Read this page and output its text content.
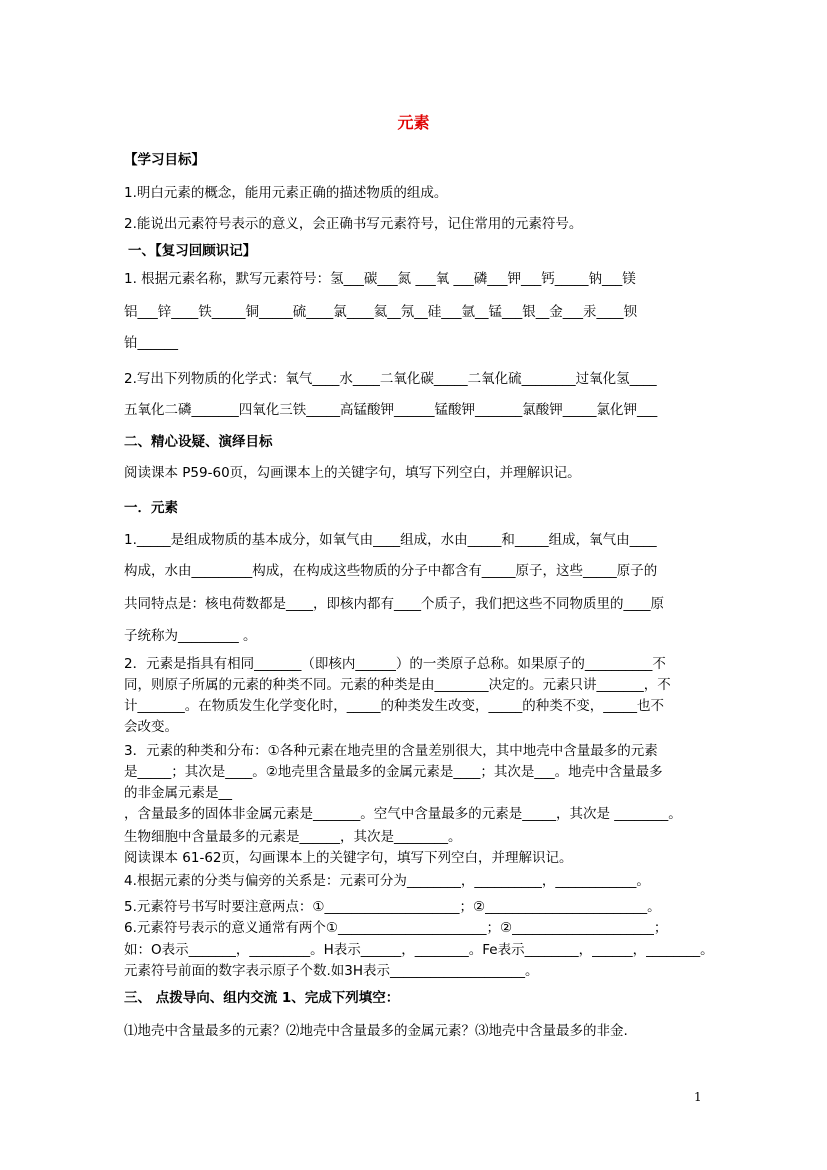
元素
【学习目标】
1.明白元素的概念，能用元素正确的描述物质的组成。
2.能说出元素符号表示的意义，会正确书写元素符号，记住常用的元素符号。
一、【复习回顾识记】
1. 根据元素名称，默写元素符号：氢___碳___氮 ___氧 ___磷___钾___钙_____钠___镁
铝___锌____铁_____铜_____硫____氯____氦__氖__硅___氩__锰___银__金___汞____钡
铂______
2.写出下列物质的化学式：氧气____水____二氧化碳_____二氧化硫________过氧化氢____
五氧化二磷_______四氧化三铁_____高锰酸钾______锰酸钾_______氯酸钾_____氯化钾___
二、精心设疑、演绎目标
阅读课本 P59-60页，勾画课本上的关键字句，填写下列空白，并理解识记。
一．元素
1._____是组成物质的基本成分，如氧气由____组成，水由_____和_____组成，氧气由____
构成，水由_________构成，在构成这些物质的分子中都含有_____原子，这些_____原子的
共同特点是：核电荷数都是____，即核内都有____个质子，我们把这些不同物质里的____原
子统称为_________ 。
2．元素是指具有相同_______（即核内______）的一类原子总称。如果原子的__________不
同，则原子所属的元素的种类不同。元素的种类是由________决定的。元素只讲_______，不
计_______。在物质发生化学变化时，_____的种类发生改变，_____的种类不变，_____也不
会改变。
3．元素的种类和分布：①各种元素在地壳里的含量差别很大，其中地壳中含量最多的元素
是_____；其次是____。②地壳里含量最多的金属元素是____；其次是___。地壳中含量最多
的非金属元素是__
，含量最多的固体非金属元素是_______。空气中含量最多的元素是_____，其次是 ________。
生物细胞中含量最多的元素是______，其次是________。
阅读课本 61-62页，勾画课本上的关键字句，填写下列空白，并理解识记。
4.根据元素的分类与偏旁的关系是：元素可分为________，__________，____________。
5.元素符号书写时要注意两点：①____________________；②________________________。
6.元素符号表示的意义通常有两个①______________________；②_____________________；
如：O表示_______，_________。H表示______，________。Fe表示________，______，________。
元素符号前面的数字表示原子个数.如3H表示____________________。
三、 点拨导向、组内交流 1、完成下列填空：
⑴地壳中含量最多的元素？⑵地壳中含量最多的金属元素？⑶地壳中含量最多的非金.
1
